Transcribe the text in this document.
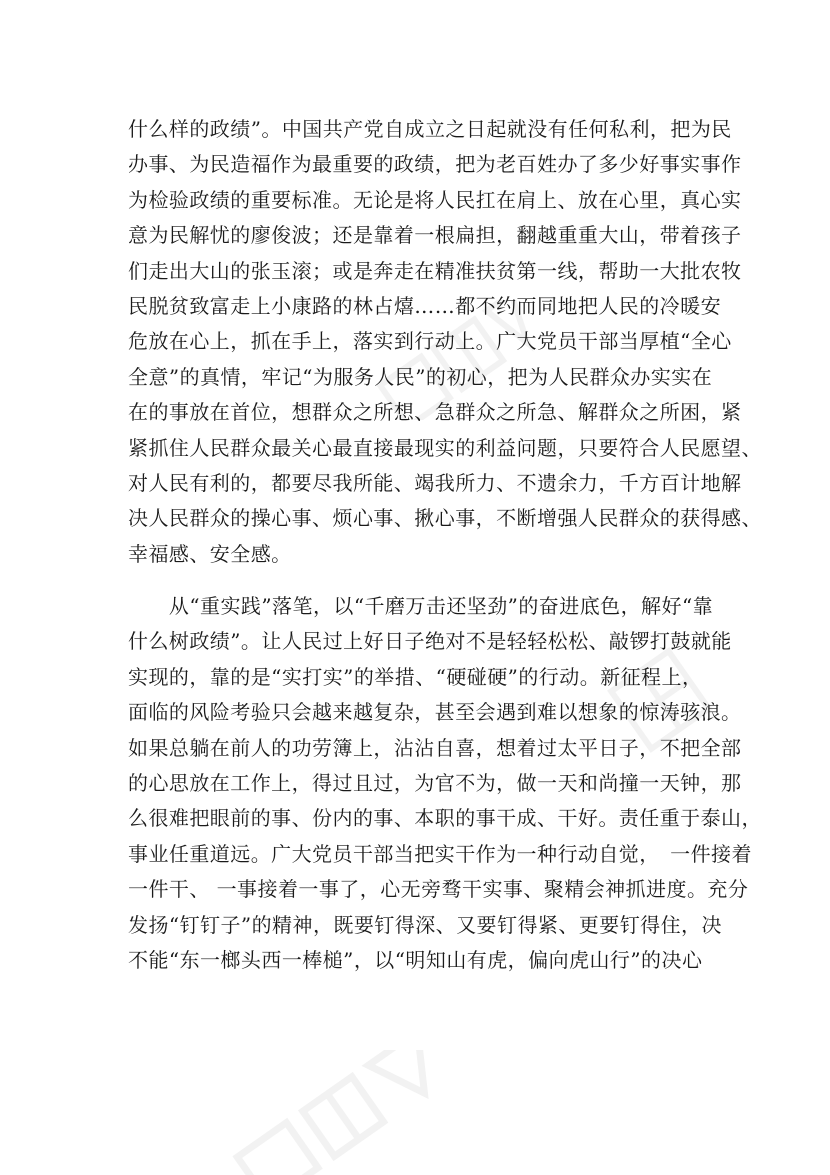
什么样的政绩”。中国共产党自成立之日起就没有任何私利，把为民
办事、为民造福作为最重要的政绩，把为老百姓办了多少好事实事作
为检验政绩的重要标准。无论是将人民扛在肩上、放在心里，真心实
意为民解忧的廖俊波；还是靠着一根扁担，翻越重重大山，带着孩子
们走出大山的张玉滚；或是奔走在精准扶贫第一线，帮助一大批农牧
民脱贫致富走上小康路的林占熺……都不约而同地把人民的冷暖安
危放在心上，抓在手上，落实到行动上。广大党员干部当厚植“全心
全意”的真情，牢记“为服务人民”的初心，把为人民群众办实实在
在的事放在首位，想群众之所想、急群众之所急、解群众之所困，紧
紧抓住人民群众最关心最直接最现实的利益问题，只要符合人民愿望、
对人民有利的，都要尽我所能、竭我所力、不遗余力，千方百计地解
决人民群众的操心事、烦心事、揪心事，不断增强人民群众的获得感、
幸福感、安全感。
　　从“重实践”落笔，以“千磨万击还坚劲”的奋进底色，解好“靠
什么树政绩”。让人民过上好日子绝对不是轻轻松松、敲锣打鼓就能
实现的，靠的是“实打实”的举措、“硬碰硬”的行动。新征程上，
面临的风险考验只会越来越复杂，甚至会遇到难以想象的惊涛骇浪。
如果总躺在前人的功劳簿上，沾沾自喜，想着过太平日子，不把全部
的心思放在工作上，得过且过，为官不为，做一天和尚撞一天钟，那
么很难把眼前的事、份内的事、本职的事干成、干好。责任重于泰山，
事业任重道远。广大党员干部当把实干作为一种行动自觉，　一件接着
一件干、 一事接着一事了，心无旁骛干实事、聚精会神抓进度。充分
发扬“钉钉子”的精神，既要钉得深、又要钉得紧、更要钉得住，决
不能“东一榔头西一棒槌”，以“明知山有虎，偏向虎山行”的决心
